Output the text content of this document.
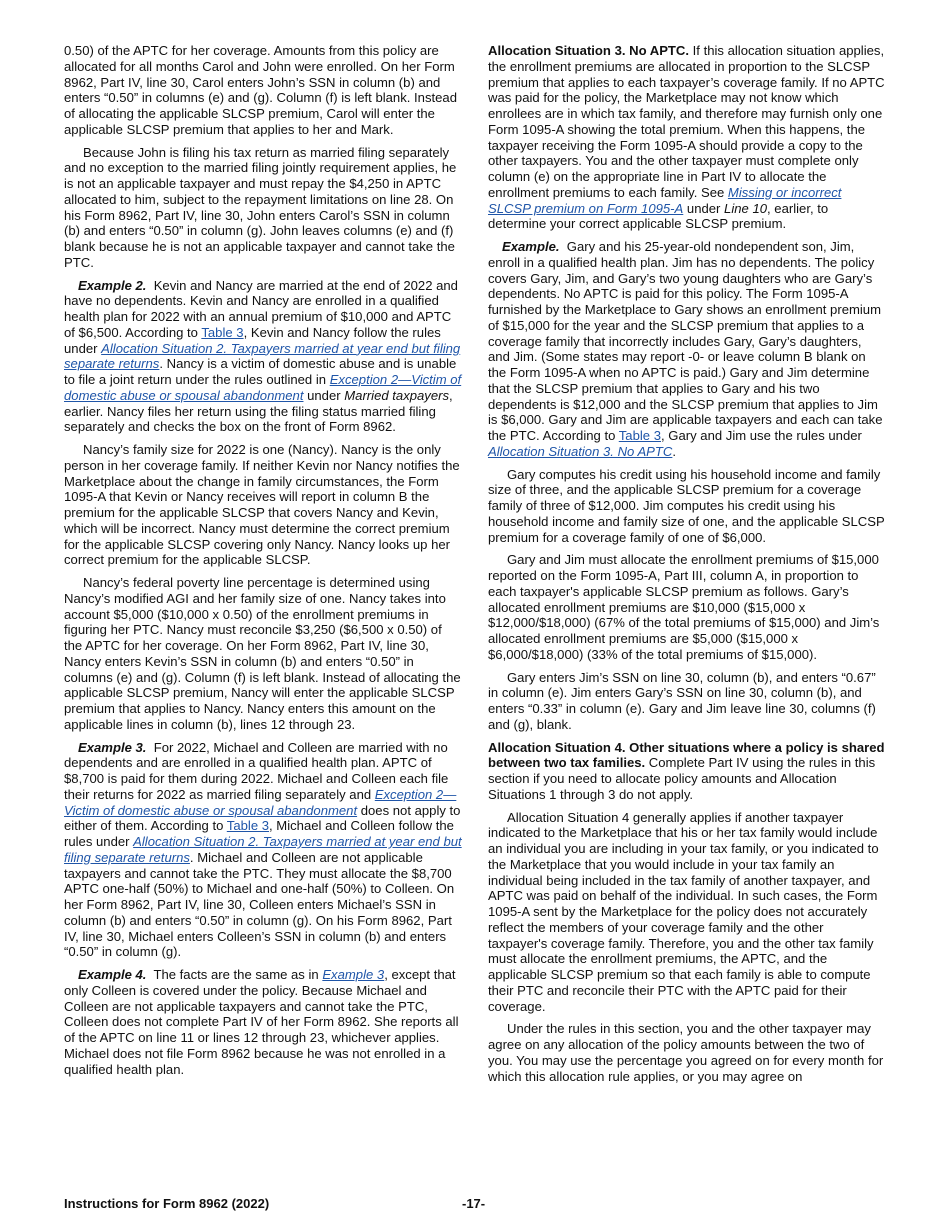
0.50) of the APTC for her coverage. Amounts from this policy are allocated for all months Carol and John were enrolled. On her Form 8962, Part IV, line 30, Carol enters John’s SSN in column (b) and enters “0.50” in columns (e) and (g). Column (f) is left blank. Instead of allocating the applicable SLCSP premium, Carol will enter the applicable SLCSP premium that applies to her and Mark.

Because John is filing his tax return as married filing separately and no exception to the married filing jointly requirement applies, he is not an applicable taxpayer and must repay the $4,250 in APTC allocated to him, subject to the repayment limitations on line 28. On his Form 8962, Part IV, line 30, John enters Carol’s SSN in column (b) and enters “0.50” in column (g). John leaves columns (e) and (f) blank because he is not an applicable taxpayer and cannot take the PTC.

Example 2. Kevin and Nancy are married at the end of 2022 and have no dependents. Kevin and Nancy are enrolled in a qualified health plan for 2022 with an annual premium of $10,000 and APTC of $6,500. According to Table 3, Kevin and Nancy follow the rules under Allocation Situation 2. Taxpayers married at year end but filing separate returns. Nancy is a victim of domestic abuse and is unable to file a joint return under the rules outlined in Exception 2—Victim of domestic abuse or spousal abandonment under Married taxpayers, earlier. Nancy files her return using the filing status married filing separately and checks the box on the front of Form 8962.

Nancy’s family size for 2022 is one (Nancy). Nancy is the only person in her coverage family. If neither Kevin nor Nancy notifies the Marketplace about the change in family circumstances, the Form 1095-A that Kevin or Nancy receives will report in column B the premium for the applicable SLCSP that covers Nancy and Kevin, which will be incorrect. Nancy must determine the correct premium for the applicable SLCSP covering only Nancy. Nancy looks up her correct premium for the applicable SLCSP.

Nancy’s federal poverty line percentage is determined using Nancy’s modified AGI and her family size of one. Nancy takes into account $5,000 ($10,000 x 0.50) of the enrollment premiums in figuring her PTC. Nancy must reconcile $3,250 ($6,500 x 0.50) of the APTC for her coverage. On her Form 8962, Part IV, line 30, Nancy enters Kevin’s SSN in column (b) and enters “0.50” in columns (e) and (g). Column (f) is left blank. Instead of allocating the applicable SLCSP premium, Nancy will enter the applicable SLCSP premium that applies to Nancy. Nancy enters this amount on the applicable lines in column (b), lines 12 through 23.

Example 3. For 2022, Michael and Colleen are married with no dependents and are enrolled in a qualified health plan. APTC of $8,700 is paid for them during 2022. Michael and Colleen each file their returns for 2022 as married filing separately and Exception 2—Victim of domestic abuse or spousal abandonment does not apply to either of them. According to Table 3, Michael and Colleen follow the rules under Allocation Situation 2. Taxpayers married at year end but filing separate returns. Michael and Colleen are not applicable taxpayers and cannot take the PTC. They must allocate the $8,700 APTC one-half (50%) to Michael and one-half (50%) to Colleen. On her Form 8962, Part IV, line 30, Colleen enters Michael’s SSN in column (b) and enters “0.50” in column (g). On his Form 8962, Part IV, line 30, Michael enters Colleen’s SSN in column (b) and enters “0.50” in column (g).

Example 4. The facts are the same as in Example 3, except that only Colleen is covered under the policy. Because Michael and Colleen are not applicable taxpayers and cannot take the PTC, Colleen does not complete Part IV of her Form 8962. She reports all of the APTC on line 11 or lines 12 through 23, whichever applies. Michael does not file Form 8962 because he was not enrolled in a qualified health plan.

Allocation Situation 3. No APTC. If this allocation situation applies, the enrollment premiums are allocated in proportion to the SLCSP premium that applies to each taxpayer’s coverage family. If no APTC was paid for the policy, the Marketplace may not know which enrollees are in which tax family, and therefore may furnish only one Form 1095-A showing the total premium. When this happens, the taxpayer receiving the Form 1095-A should provide a copy to the other taxpayers. You and the other taxpayer must complete only column (e) on the appropriate line in Part IV to allocate the enrollment premiums to each family. See Missing or incorrect SLCSP premium on Form 1095-A under Line 10, earlier, to determine your correct applicable SLCSP premium.

Example. Gary and his 25-year-old nondependent son, Jim, enroll in a qualified health plan. Jim has no dependents. The policy covers Gary, Jim, and Gary’s two young daughters who are Gary’s dependents. No APTC is paid for this policy. The Form 1095-A furnished by the Marketplace to Gary shows an enrollment premium of $15,000 for the year and the SLCSP premium that applies to a coverage family that incorrectly includes Gary, Gary’s daughters, and Jim. (Some states may report -0- or leave column B blank on the Form 1095-A when no APTC is paid.) Gary and Jim determine that the SLCSP premium that applies to Gary and his two dependents is $12,000 and the SLCSP premium that applies to Jim is $6,000. Gary and Jim are applicable taxpayers and each can take the PTC. According to Table 3, Gary and Jim use the rules under Allocation Situation 3. No APTC.

Gary computes his credit using his household income and family size of three, and the applicable SLCSP premium for a coverage family of three of $12,000. Jim computes his credit using his household income and family size of one, and the applicable SLCSP premium for a coverage family of one of $6,000.

Gary and Jim must allocate the enrollment premiums of $15,000 reported on the Form 1095-A, Part III, column A, in proportion to each taxpayer's applicable SLCSP premium as follows. Gary’s allocated enrollment premiums are $10,000 ($15,000 x $12,000/$18,000) (67% of the total premiums of $15,000) and Jim’s allocated enrollment premiums are $5,000 ($15,000 x $6,000/$18,000) (33% of the total premiums of $15,000).

Gary enters Jim’s SSN on line 30, column (b), and enters “0.67” in column (e). Jim enters Gary’s SSN on line 30, column (b), and enters “0.33” in column (e). Gary and Jim leave line 30, columns (f) and (g), blank.

Allocation Situation 4. Other situations where a policy is shared between two tax families. Complete Part IV using the rules in this section if you need to allocate policy amounts and Allocation Situations 1 through 3 do not apply.

Allocation Situation 4 generally applies if another taxpayer indicated to the Marketplace that his or her tax family would include an individual you are including in your tax family, or you indicated to the Marketplace that you would include in your tax family an individual being included in the tax family of another taxpayer, and APTC was paid on behalf of the individual. In such cases, the Form 1095-A sent by the Marketplace for the policy does not accurately reflect the members of your coverage family and the other taxpayer's coverage family. Therefore, you and the other tax family must allocate the enrollment premiums, the APTC, and the applicable SLCSP premium so that each family is able to compute their PTC and reconcile their PTC with the APTC paid for their coverage.

Under the rules in this section, you and the other taxpayer may agree on any allocation of the policy amounts between the two of you. You may use the percentage you agreed on for every month for which this allocation rule applies, or you may agree on

Instructions for Form 8962 (2022)	-17-
